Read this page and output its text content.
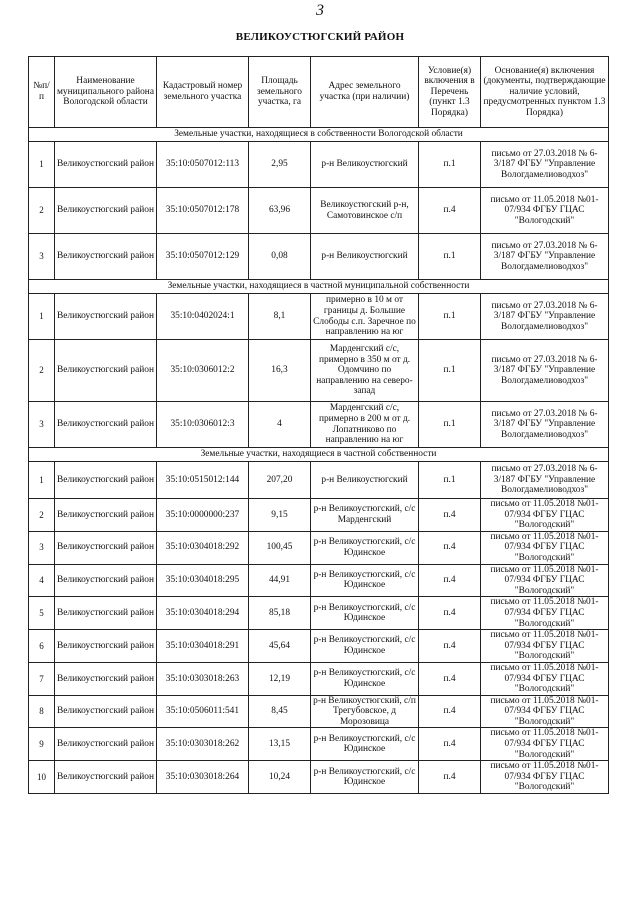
3
ВЕЛИКОУСТЮГСКИЙ РАЙОН
№п/п	Наименование муниципального района Вологодской области	Кадастровый номер земельного участка	Площадь земельного участка, га	Адрес земельного участка (при наличии)	Условие(я) включения в Перечень (пункт 1.3 Порядка)	Основание(я) включения (документы, подтверждающие наличие условий, предусмотренных пунктом 1.3 Порядка)
Земельные участки, находящиеся в собственности Вологодской области						
1	Великоустюгский район	35:10:0507012:113	2,95	р-н Великоустюгский	п.1	письмо от 27.03.2018 № 6-3/187 ФГБУ "Управление Вологдамелиоводхоз"
2	Великоустюгский район	35:10:0507012:178	63,96	Великоустюгский р-н, Самотовинское с/п	п.4	письмо от 11.05.2018 №01-07/934 ФГБУ ГЦАС "Вологодский"
3	Великоустюгский район	35:10:0507012:129	0,08	р-н Великоустюгский	п.1	письмо от 27.03.2018 № 6-3/187 ФГБУ "Управление Вологдамелиоводхоз"
Земельные участки, находящиеся в частной муниципальной собственности						
1	Великоустюгский район	35:10:0402024:1	8,1	примерно в 10 м от границы д. Большие Слободы с.п. Заречное по направлению на юг	п.1	письмо от 27.03.2018 № 6-3/187 ФГБУ "Управление Вологдамелиоводхоз"
2	Великоустюгский район	35:10:0306012:2	16,3	Марденгский с/с, примерно в 350 м от д. Одомчино по направлению на северо-запад	п.1	письмо от 27.03.2018 № 6-3/187 ФГБУ "Управление Вологдамелиоводхоз"
3	Великоустюгский район	35:10:0306012:3	4	Марденгский с/с, примерно в 200 м от д. Лопатниково по направлению на юг	п.1	письмо от 27.03.2018 № 6-3/187 ФГБУ "Управление Вологдамелиоводхоз"
Земельные участки, находящиеся в частной собственности						
1	Великоустюгский район	35:10:0515012:144	207,20	р-н Великоустюгский	п.1	письмо от 27.03.2018 № 6-3/187 ФГБУ "Управление Вологдамелиоводхоз"
2	Великоустюгский район	35:10:0000000:237	9,15	р-н Великоустюгский, с/с Марденгский	п.4	письмо от 11.05.2018 №01-07/934 ФГБУ ГЦАС "Вологодский"
3	Великоустюгский район	35:10:0304018:292	100,45	р-н Великоустюгский, с/с Юдинское	п.4	письмо от 11.05.2018 №01-07/934 ФГБУ ГЦАС "Вологодский"
4	Великоустюгский район	35:10:0304018:295	44,91	р-н Великоустюгский, с/с Юдинское	п.4	письмо от 11.05.2018 №01-07/934 ФГБУ ГЦАС "Вологодский"
5	Великоустюгский район	35:10:0304018:294	85,18	р-н Великоустюгский, с/с Юдинское	п.4	письмо от 11.05.2018 №01-07/934 ФГБУ ГЦАС "Вологодский"
6	Великоустюгский район	35:10:0304018:291	45,64	р-н Великоустюгский, с/с Юдинское	п.4	письмо от 11.05.2018 №01-07/934 ФГБУ ГЦАС "Вологодский"
7	Великоустюгский район	35:10:0303018:263	12,19	р-н Великоустюгский, с/с Юдинское	п.4	письмо от 11.05.2018 №01-07/934 ФГБУ ГЦАС "Вологодский"
8	Великоустюгский район	35:10:0506011:541	8,45	р-н Великоустюгский, с/п Трегубовское, д Морозовица	п.4	письмо от 11.05.2018 №01-07/934 ФГБУ ГЦАС "Вологодский"
9	Великоустюгский район	35:10:0303018:262	13,15	р-н Великоустюгский, с/с Юдинское	п.4	письмо от 11.05.2018 №01-07/934 ФГБУ ГЦАС "Вологодский"
10	Великоустюгский район	35:10:0303018:264	10,24	р-н Великоустюгский, с/с Юдинское	п.4	письмо от 11.05.2018 №01-07/934 ФГБУ ГЦАС "Вологодский"
